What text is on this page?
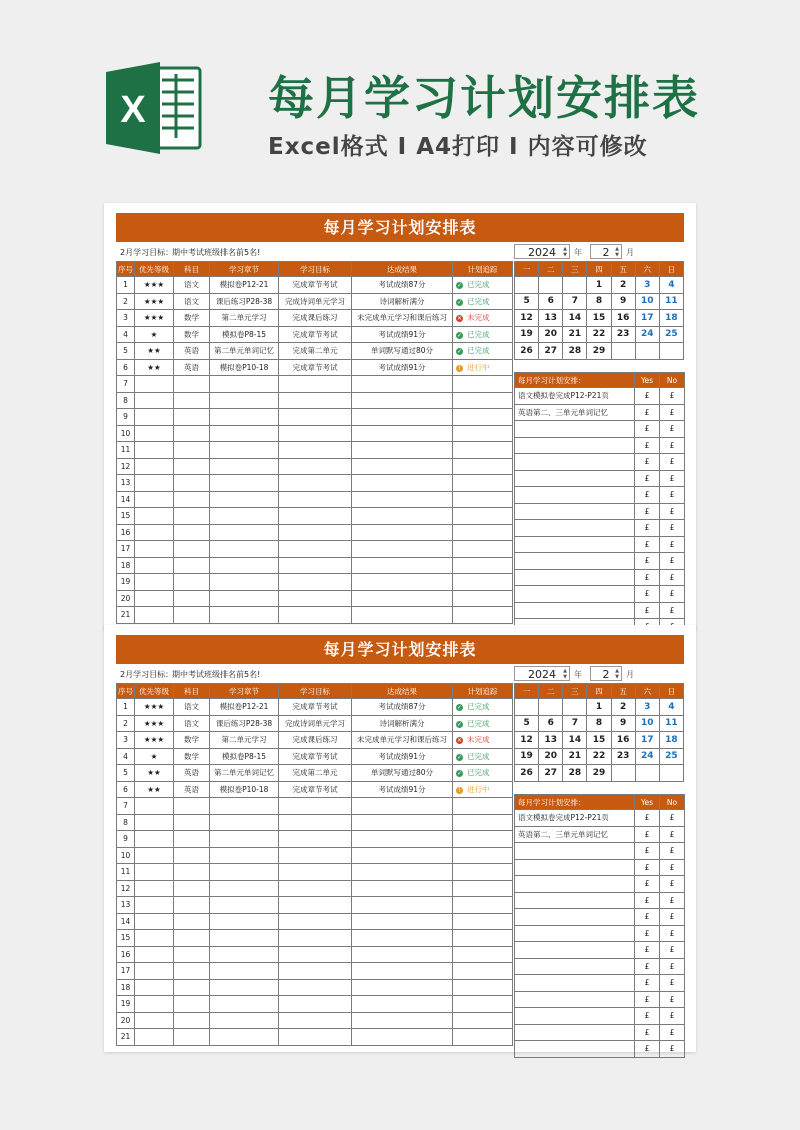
X	每月学习计划安排表
Excel格式 I A4打印 I 内容可修改
每月学习计划安排表
2月学习目标：
期中考试班级排名前5名!	2024 ▲
▼ 年	2 ▲
▼ 月
序号	优先等级	科目	学习章节	学习目标	达成结果	计划追踪
1	★★★	语文	模拟卷P12-21	完成章节考试	考试成绩87分	✓ 已完成
2	★★★	语文	课后练习P28-38	完成诗词单元学习	诗词解析满分	✓ 已完成
3	★★★	数学	第二单元学习	完成课后练习	未完成单元学习和课后练习	✕ 未完成
4	★	数学	模拟卷P8-15	完成章节考试	考试成绩91分	✓ 已完成
5	★★	英语	第二单元单词记忆	完成第二单元	单词默写通过80分	✓ 已完成
6	★★	英语	模拟卷P10-18	完成章节考试	考试成绩91分	! 进行中
7						
8						
9						
10						
11						
12						
13						
14						
15						
16						
17						
18						
19						
20						
21						
一	二	三	四	五	六	日
			1	2	3	4
5	6	7	8	9	10	11
12	13	14	15	16	17	18
19	20	21	22	23	24	25
26	27	28	29			
每月学习计划安排：	Yes	No
语文模拟卷完成P12-P21页	£	£
英语第二、三单元单词记忆	£	£
	£	£
	£	£
	£	£
	£	£
	£	£
	£	£
	£	£
	£	£
	£	£
	£	£
	£	£
	£	£

每月学习计划安排表
2月学习目标：
期中考试班级排名前5名!	2024 ▲
▼ 年	2 ▲
▼ 月
序号	优先等级	科目	学习章节	学习目标	达成结果	计划追踪
1	★★★	语文	模拟卷P12-21	完成章节考试	考试成绩87分	✓ 已完成
2	★★★	语文	课后练习P28-38	完成诗词单元学习	诗词解析满分	✓ 已完成
3	★★★	数学	第二单元学习	完成课后练习	未完成单元学习和课后练习	✕ 未完成
4	★	数学	模拟卷P8-15	完成章节考试	考试成绩91分	✓ 已完成
5	★★	英语	第二单元单词记忆	完成第二单元	单词默写通过80分	✓ 已完成
6	★★	英语	模拟卷P10-18	完成章节考试	考试成绩91分	! 进行中
7						
8						
9						
10						
11						
12						
13						
14						
15						
16						
17						
18						
19						
20						
21						
一	二	三	四	五	六	日
			1	2	3	4
5	6	7	8	9	10	11
12	13	14	15	16	17	18
19	20	21	22	23	24	25
26	27	28	29			
每月学习计划安排：	Yes	No
语文模拟卷完成P12-P21页	£	£
英语第二、三单元单词记忆	£	£
	£	£
	£	£
	£	£
	£	£
	£	£
	£	£
	£	£
	£	£
	£	£
	£	£
	£	£
	£	£
	£	£
